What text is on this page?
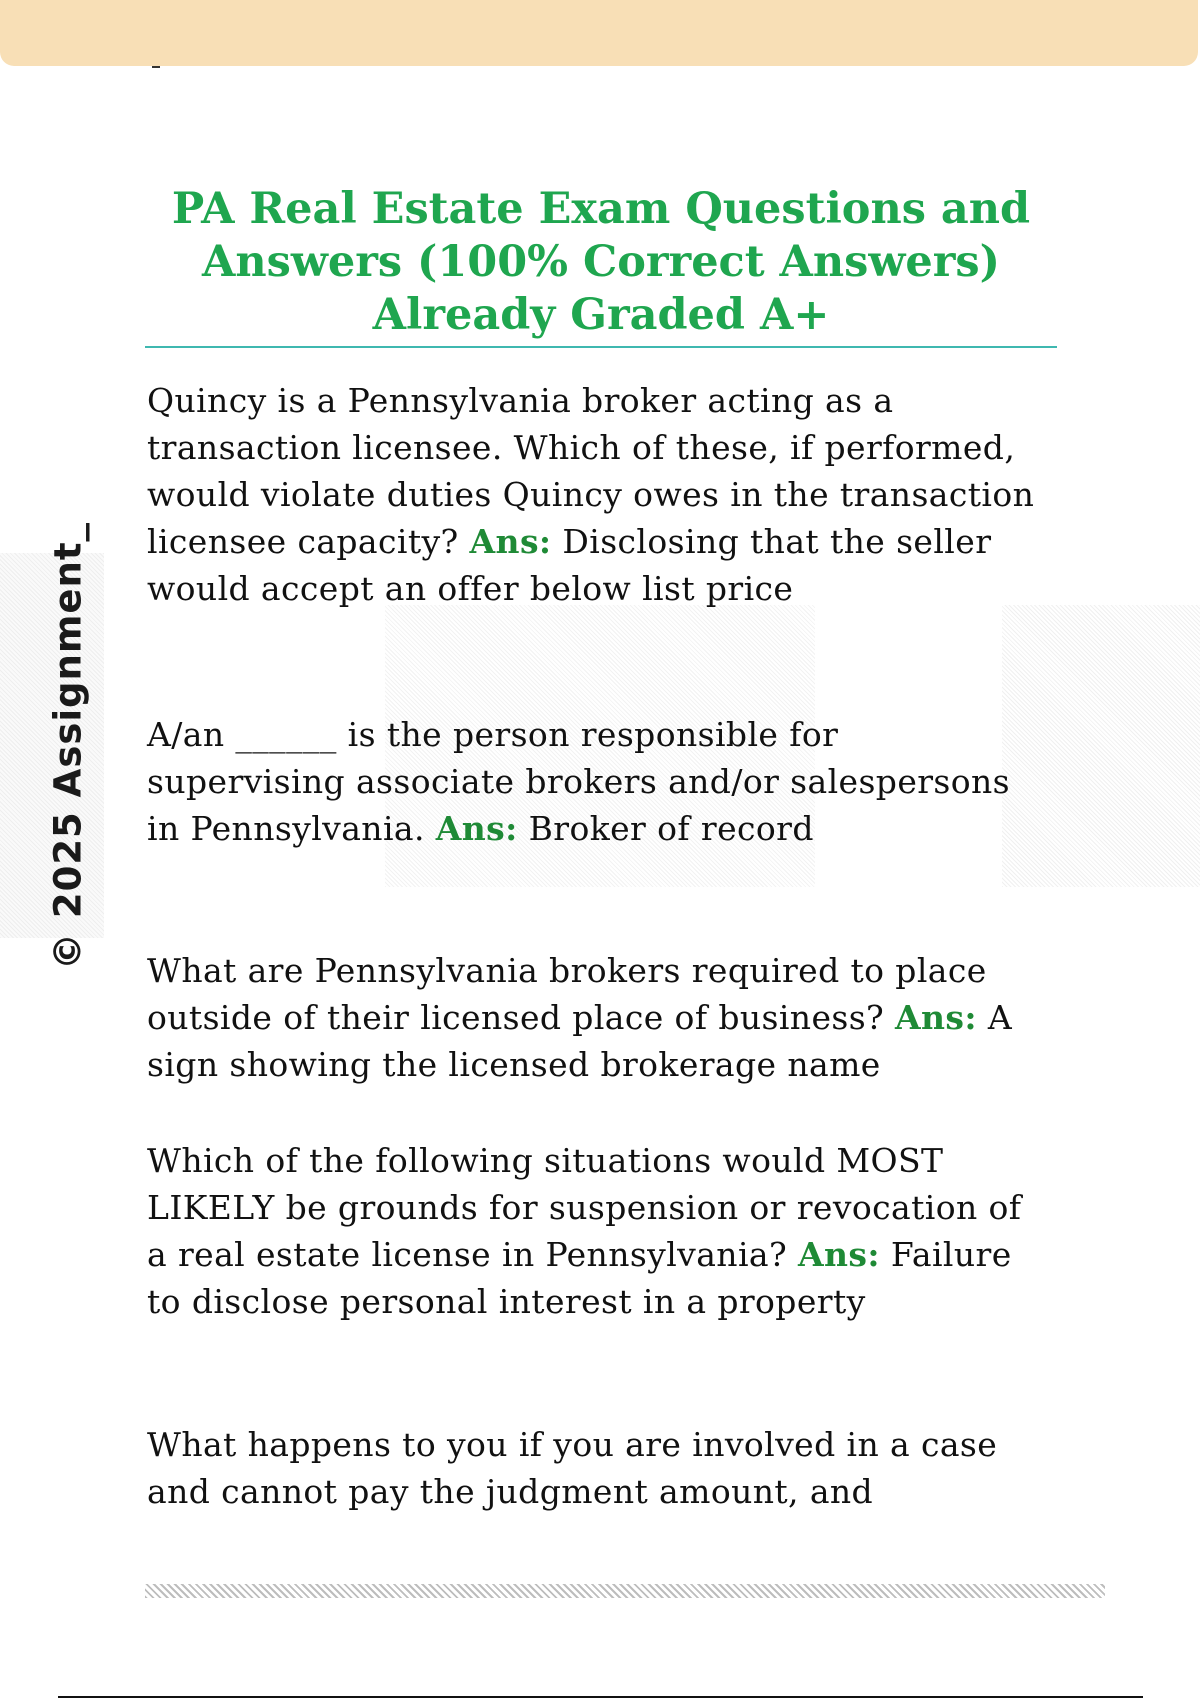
© 2025 Assignment_
PA Real Estate Exam Questions and Answers (100% Correct Answers) Already Graded A+

Quincy is a Pennsylvania broker acting as a transaction licensee. Which of these, if performed, would violate duties Quincy owes in the transaction licensee capacity? Ans: Disclosing that the seller would accept an offer below list price

A/an ______ is the person responsible for supervising associate brokers and/or salespersons in Pennsylvania. Ans: Broker of record

What are Pennsylvania brokers required to place outside of their licensed place of business? Ans: A sign showing the licensed brokerage name

Which of the following situations would MOST LIKELY be grounds for suspension or revocation of a real estate license in Pennsylvania? Ans: Failure to disclose personal interest in a property

What happens to you if you are involved in a case and cannot pay the judgment amount, and
